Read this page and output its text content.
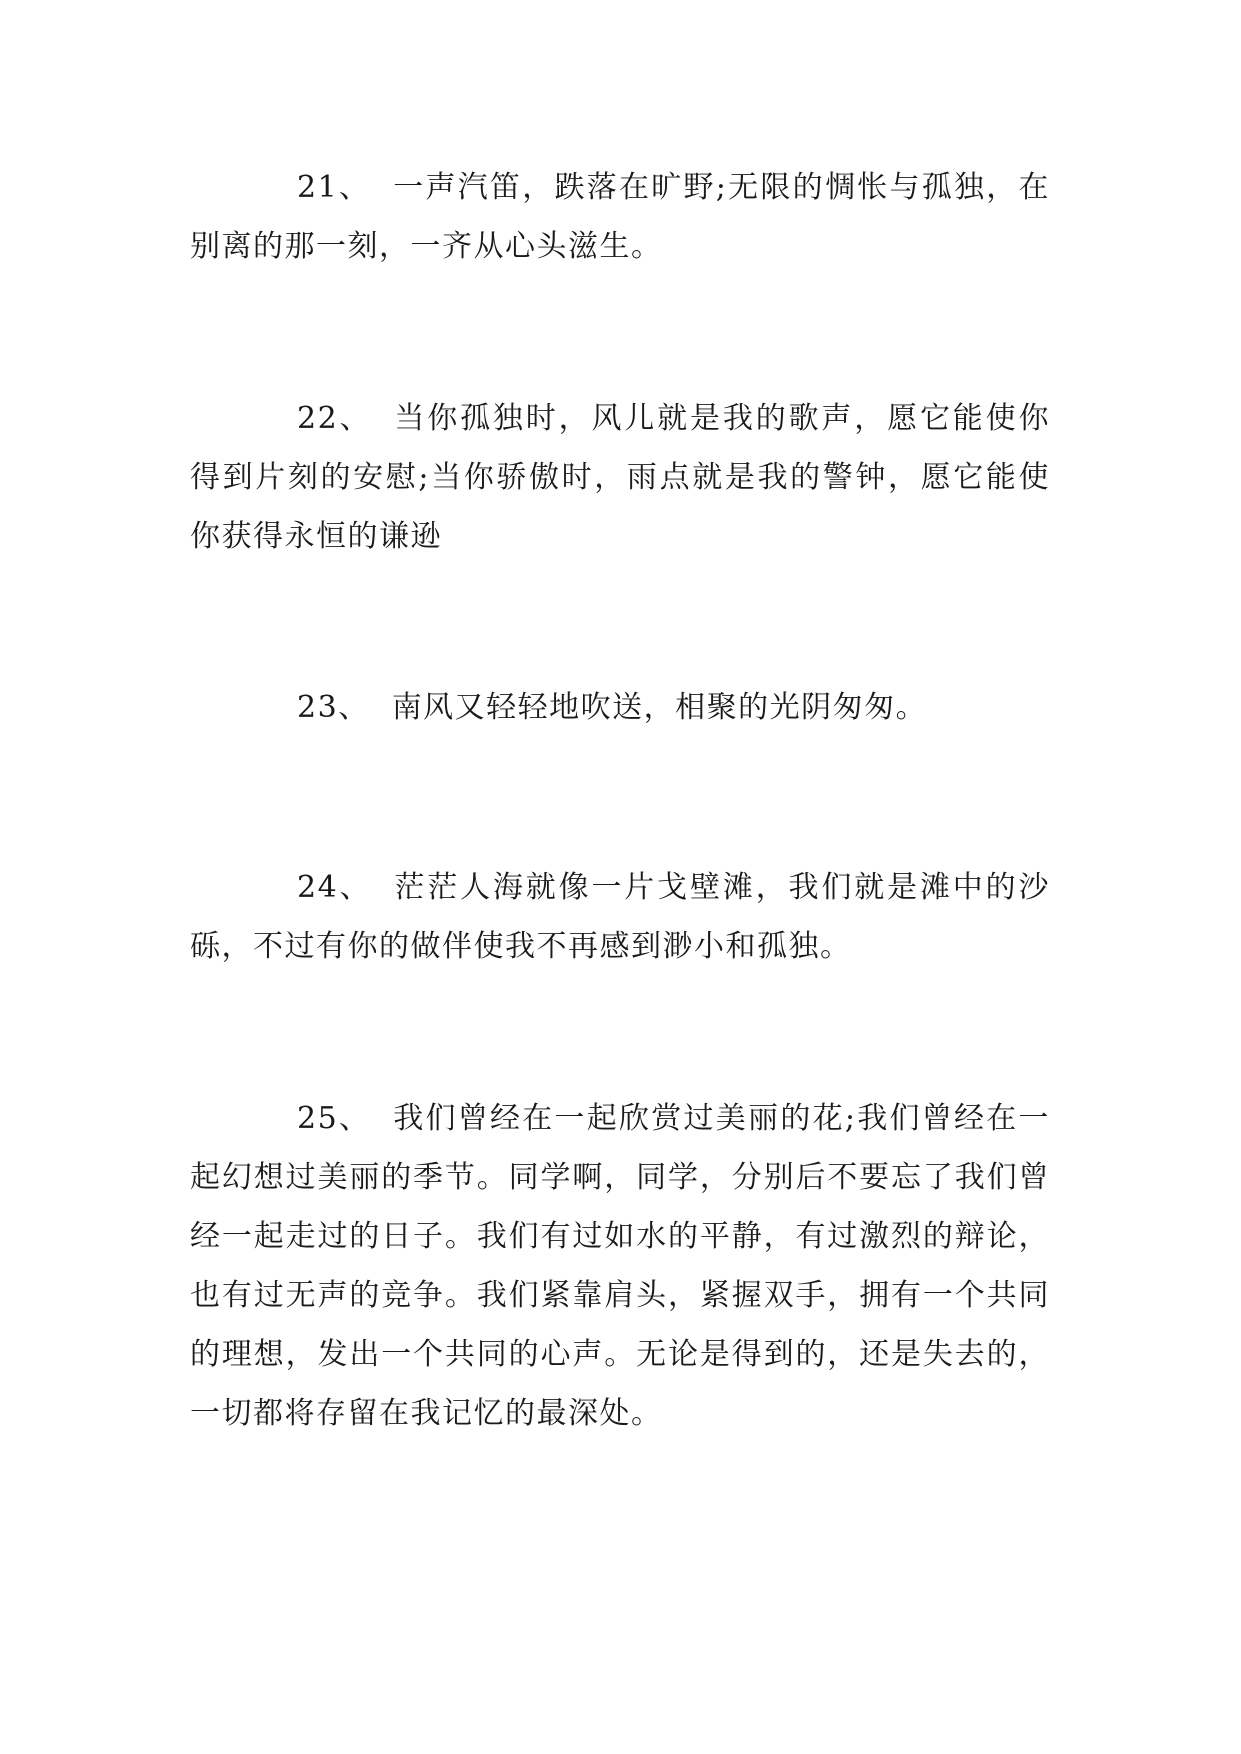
21、 一声汽笛，跌落在旷野;无限的惆怅与孤独，在别离的那一刻，一齐从心头滋生。

22、 当你孤独时，风儿就是我的歌声，愿它能使你得到片刻的安慰;当你骄傲时，雨点就是我的警钟，愿它能使你获得永恒的谦逊

23、 南风又轻轻地吹送，相聚的光阴匆匆。

24、 茫茫人海就像一片戈壁滩，我们就是滩中的沙砾，不过有你的做伴使我不再感到渺小和孤独。

25、 我们曾经在一起欣赏过美丽的花;我们曾经在一起幻想过美丽的季节。同学啊，同学，分别后不要忘了我们曾经一起走过的日子。我们有过如水的平静，有过激烈的辩论，也有过无声的竞争。我们紧靠肩头，紧握双手，拥有一个共同的理想，发出一个共同的心声。无论是得到的，还是失去的，一切都将存留在我记忆的最深处。
